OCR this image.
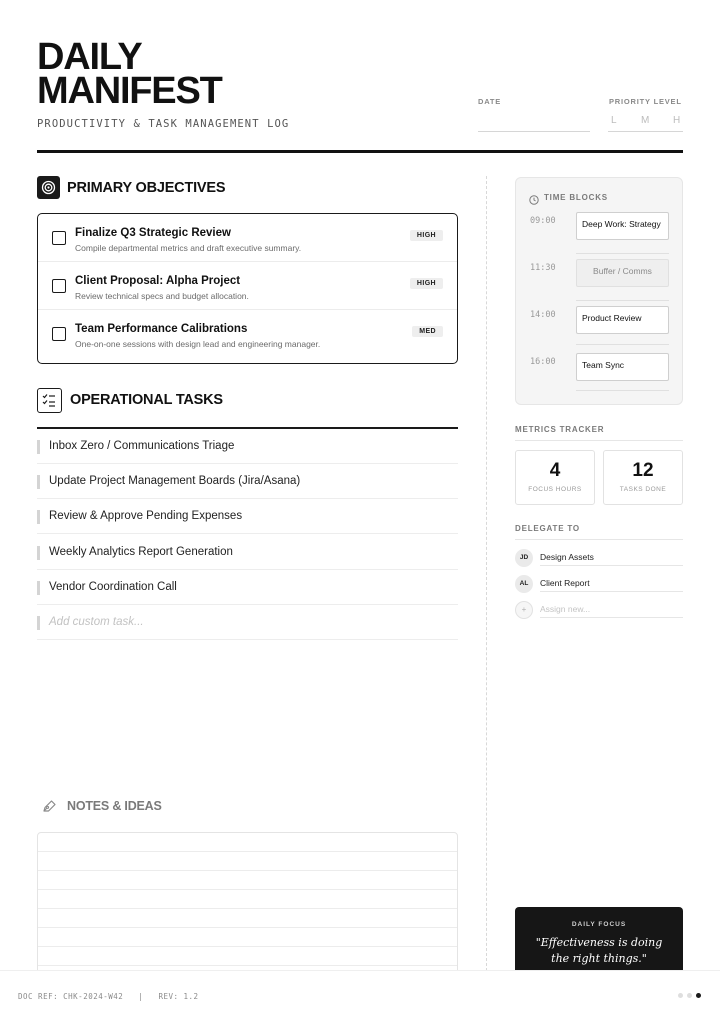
DAILY
MANIFEST
PRODUCTIVITY & TASK MANAGEMENT LOG
DATE	PRIORITY LEVEL
L M H
PRIMARY OBJECTIVES
Finalize Q3 Strategic Review
Compile departmental metrics and draft executive summary.
HIGH
Client Proposal: Alpha Project
Review technical specs and budget allocation.
HIGH
Team Performance Calibrations
One-on-one sessions with design lead and engineering manager.
MED
OPERATIONAL TASKS
Inbox Zero / Communications Triage
Update Project Management Boards (Jira/Asana)
Review & Approve Pending Expenses
Weekly Analytics Report Generation
Vendor Coordination Call
Add custom task...
NOTES & IDEAS
TIME BLOCKS
09:00	Deep Work: Strategy
11:30	Buffer / Comms
14:00	Product Review
16:00	Team Sync
METRICS TRACKER
4
FOCUS HOURS
12
TASKS DONE
DELEGATE TO
JD	Design Assets
AL	Client Report
+	Assign new...
DAILY FOCUS
"Effectiveness is doing the right things."
DOC REF: CHK-2024-W42 | REV: 1.2
